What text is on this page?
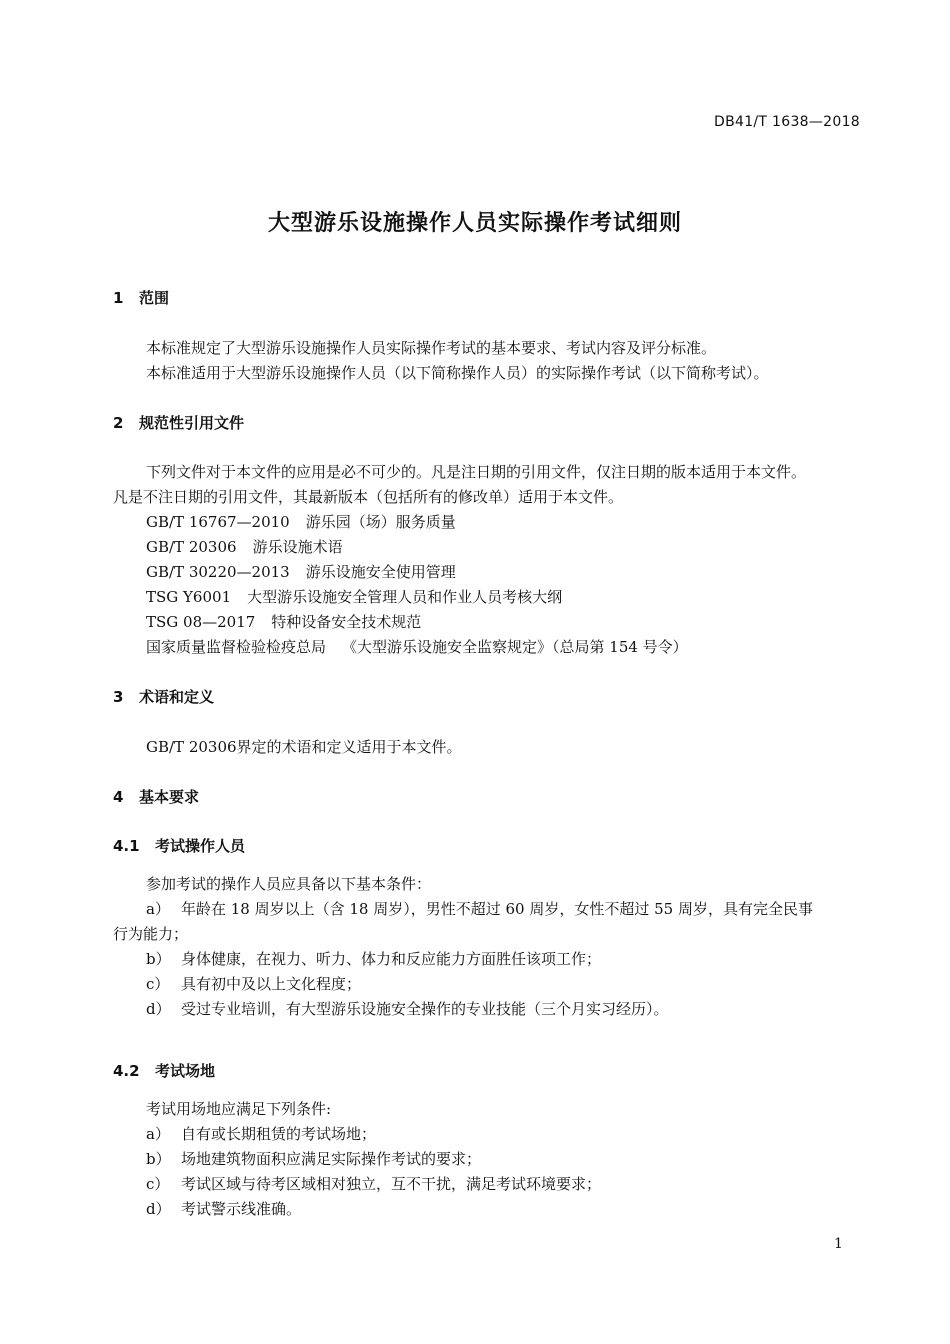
DB41/T 1638—2018
大型游乐设施操作人员实际操作考试细则
1 范围
本标准规定了大型游乐设施操作人员实际操作考试的基本要求、考试内容及评分标准。
本标准适用于大型游乐设施操作人员（以下简称操作人员）的实际操作考试（以下简称考试）。
2 规范性引用文件
下列文件对于本文件的应用是必不可少的。凡是注日期的引用文件，仅注日期的版本适用于本文件。
凡是不注日期的引用文件，其最新版本（包括所有的修改单）适用于本文件。
GB/T 16767—2010 游乐园（场）服务质量
GB/T 20306 游乐设施术语
GB/T 30220—2013 游乐设施安全使用管理
TSG Y6001 大型游乐设施安全管理人员和作业人员考核大纲
TSG 08—2017 特种设备安全技术规范
国家质量监督检验检疫总局 《大型游乐设施安全监察规定》（总局第 154 号令）
3 术语和定义
GB/T 20306界定的术语和定义适用于本文件。
4 基本要求
4.1 考试操作人员
参加考试的操作人员应具备以下基本条件：
a） 年龄在 18 周岁以上（含 18 周岁），男性不超过 60 周岁，女性不超过 55 周岁，具有完全民事
行为能力；
b） 身体健康，在视力、听力、体力和反应能力方面胜任该项工作；
c） 具有初中及以上文化程度；
d） 受过专业培训，有大型游乐设施安全操作的专业技能（三个月实习经历）。
4.2 考试场地
考试用场地应满足下列条件:
a） 自有或长期租赁的考试场地；
b） 场地建筑物面积应满足实际操作考试的要求；
c） 考试区域与待考区域相对独立，互不干扰，满足考试环境要求；
d） 考试警示线准确。
1
